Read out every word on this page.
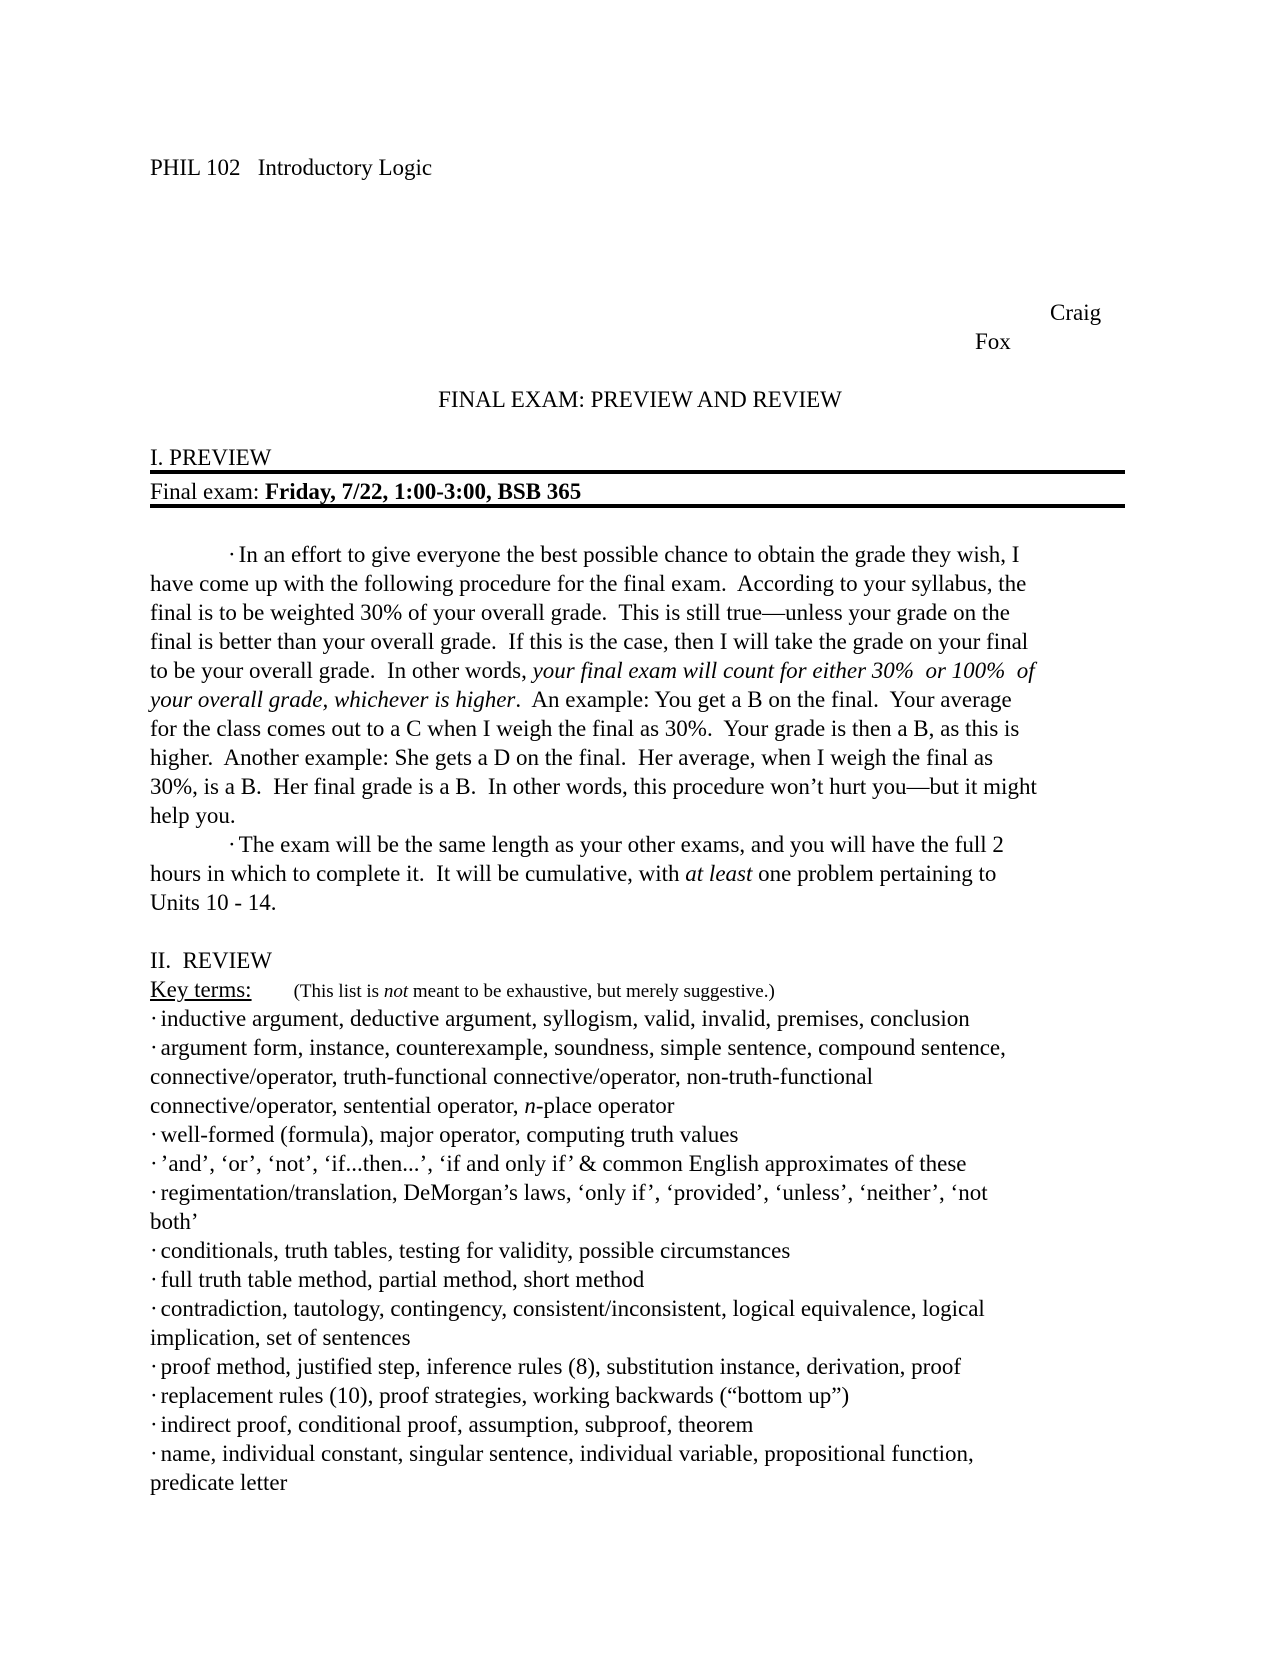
PHIL 102   Introductory Logic
Craig
Fox
FINAL EXAM: PREVIEW AND REVIEW
I. PREVIEW
Final exam: Friday, 7/22, 1:00-3:00, BSB 365
· In an effort to give everyone the best possible chance to obtain the grade they wish, I
have come up with the following procedure for the final exam.  According to your syllabus, the
final is to be weighted 30% of your overall grade.  This is still true—unless your grade on the
final is better than your overall grade.  If this is the case, then I will take the grade on your final
to be your overall grade.  In other words, your final exam will count for either 30%  or 100%  of
your overall grade, whichever is higher.  An example: You get a B on the final.  Your average
for the class comes out to a C when I weigh the final as 30%.  Your grade is then a B, as this is
higher.  Another example: She gets a D on the final.  Her average, when I weigh the final as
30%, is a B.  Her final grade is a B.  In other words, this procedure won’t hurt you—but it might
help you.
· The exam will be the same length as your other exams, and you will have the full 2
hours in which to complete it.  It will be cumulative, with at least one problem pertaining to
Units 10 - 14.
II.  REVIEW
Key terms: (This list is not meant to be exhaustive, but merely suggestive.)
· inductive argument, deductive argument, syllogism, valid, invalid, premises, conclusion
· argument form, instance, counterexample, soundness, simple sentence, compound sentence,
connective/operator, truth-functional connective/operator, non-truth-functional
connective/operator, sentential operator, n-place operator
· well-formed (formula), major operator, computing truth values
· ’and’, ‘or’, ‘not’, ‘if...then...’, ‘if and only if’ & common English approximates of these
· regimentation/translation, DeMorgan’s laws, ‘only if’, ‘provided’, ‘unless’, ‘neither’, ‘not
both’
· conditionals, truth tables, testing for validity, possible circumstances
· full truth table method, partial method, short method
· contradiction, tautology, contingency, consistent/inconsistent, logical equivalence, logical
implication, set of sentences
· proof method, justified step, inference rules (8), substitution instance, derivation, proof
· replacement rules (10), proof strategies, working backwards (“bottom up”)
· indirect proof, conditional proof, assumption, subproof, theorem
· name, individual constant, singular sentence, individual variable, propositional function,
predicate letter
